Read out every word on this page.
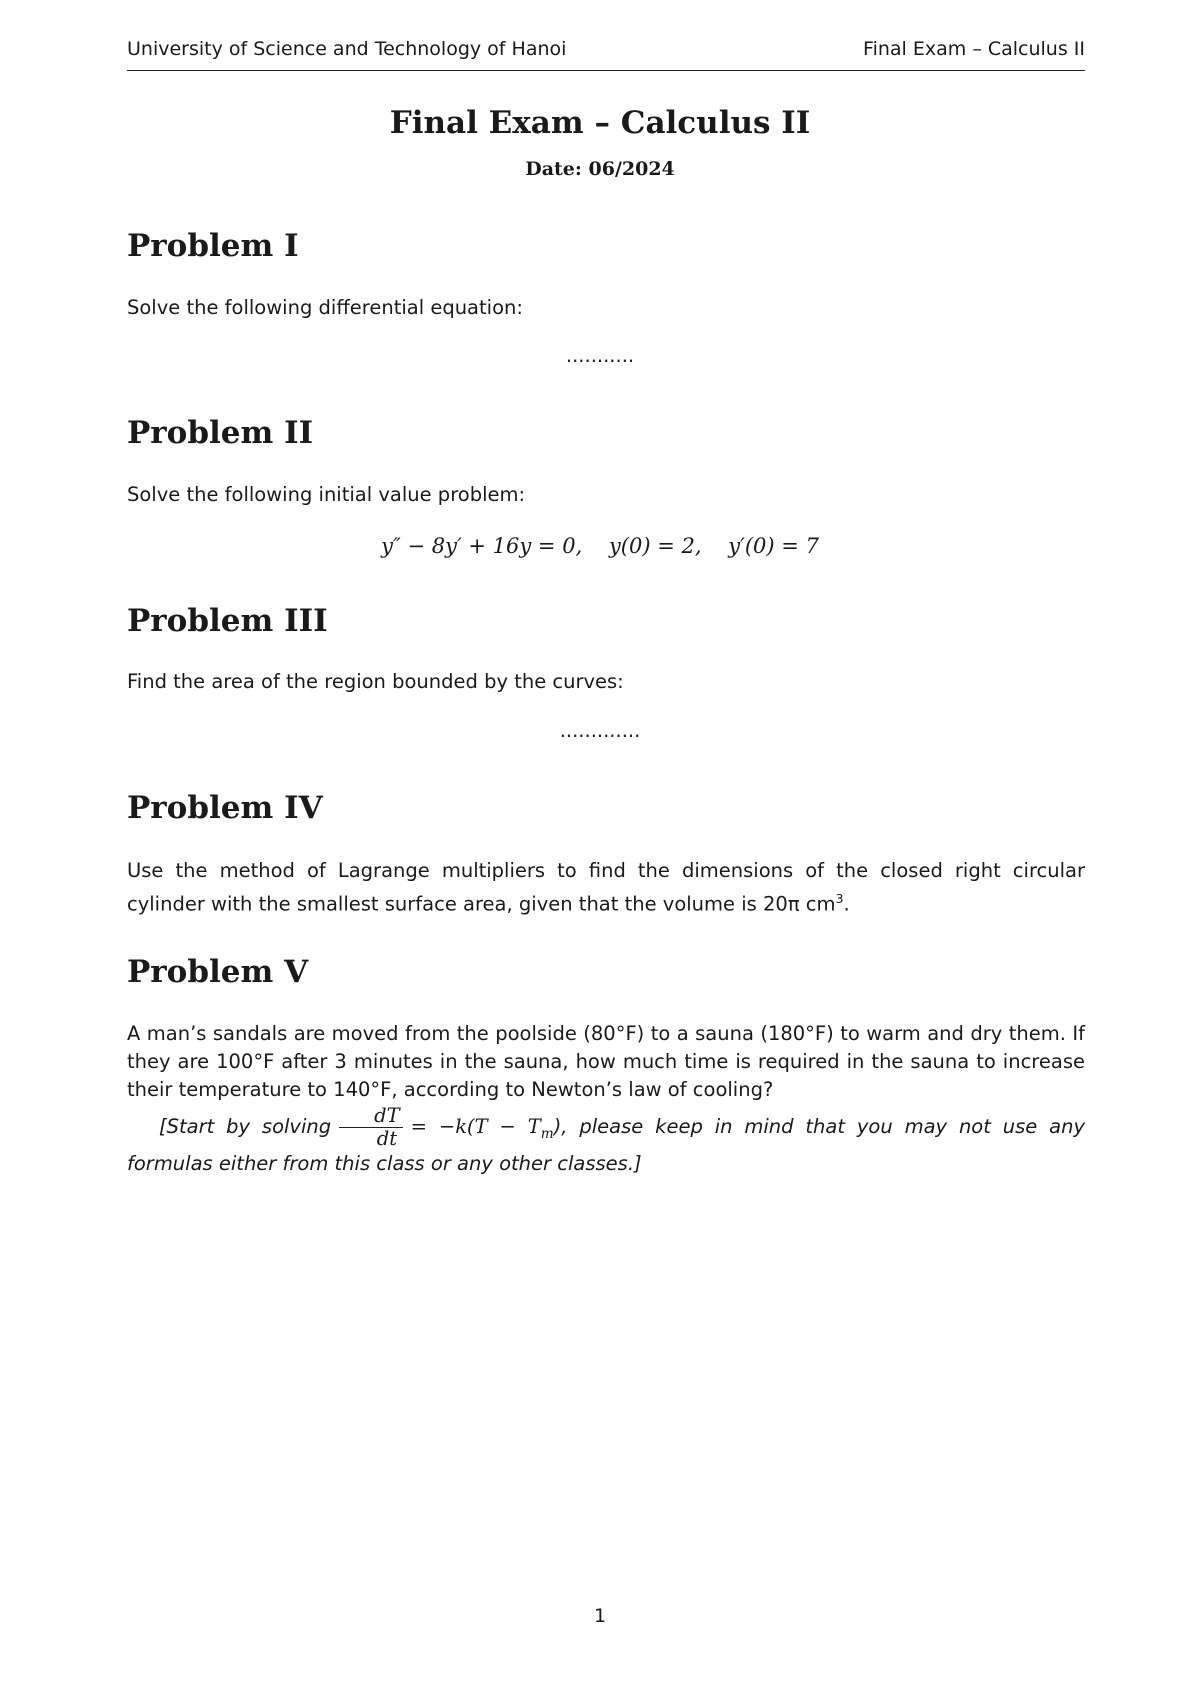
University of Science and Technology of Hanoi	Final Exam – Calculus II
Final Exam – Calculus II
Date: 06/2024
Problem I

Solve the following differential equation:

...........
Problem II

Solve the following initial value problem:

y″ − 8y′ + 16y = 0,    y(0) = 2,    y′(0) = 7
Problem III

Find the area of the region bounded by the curves:

.............
Problem IV

Use the method of Lagrange multipliers to find the dimensions of the closed right circular cylinder with the smallest surface area, given that the volume is 20π $cm^3$.

Problem V

A man’s sandals are moved from the poolside (80°F) to a sauna (180°F) to warm and dry them. If they are 100°F after 3 minutes in the sauna, how much time is required in the sauna to increase their temperature to 140°F, according to Newton’s law of cooling?

[Start by solving $\frac{dT}{dt} = -k(T - T_m)$, please keep in mind that you may not use any formulas either from this class or any other classes.]
1
